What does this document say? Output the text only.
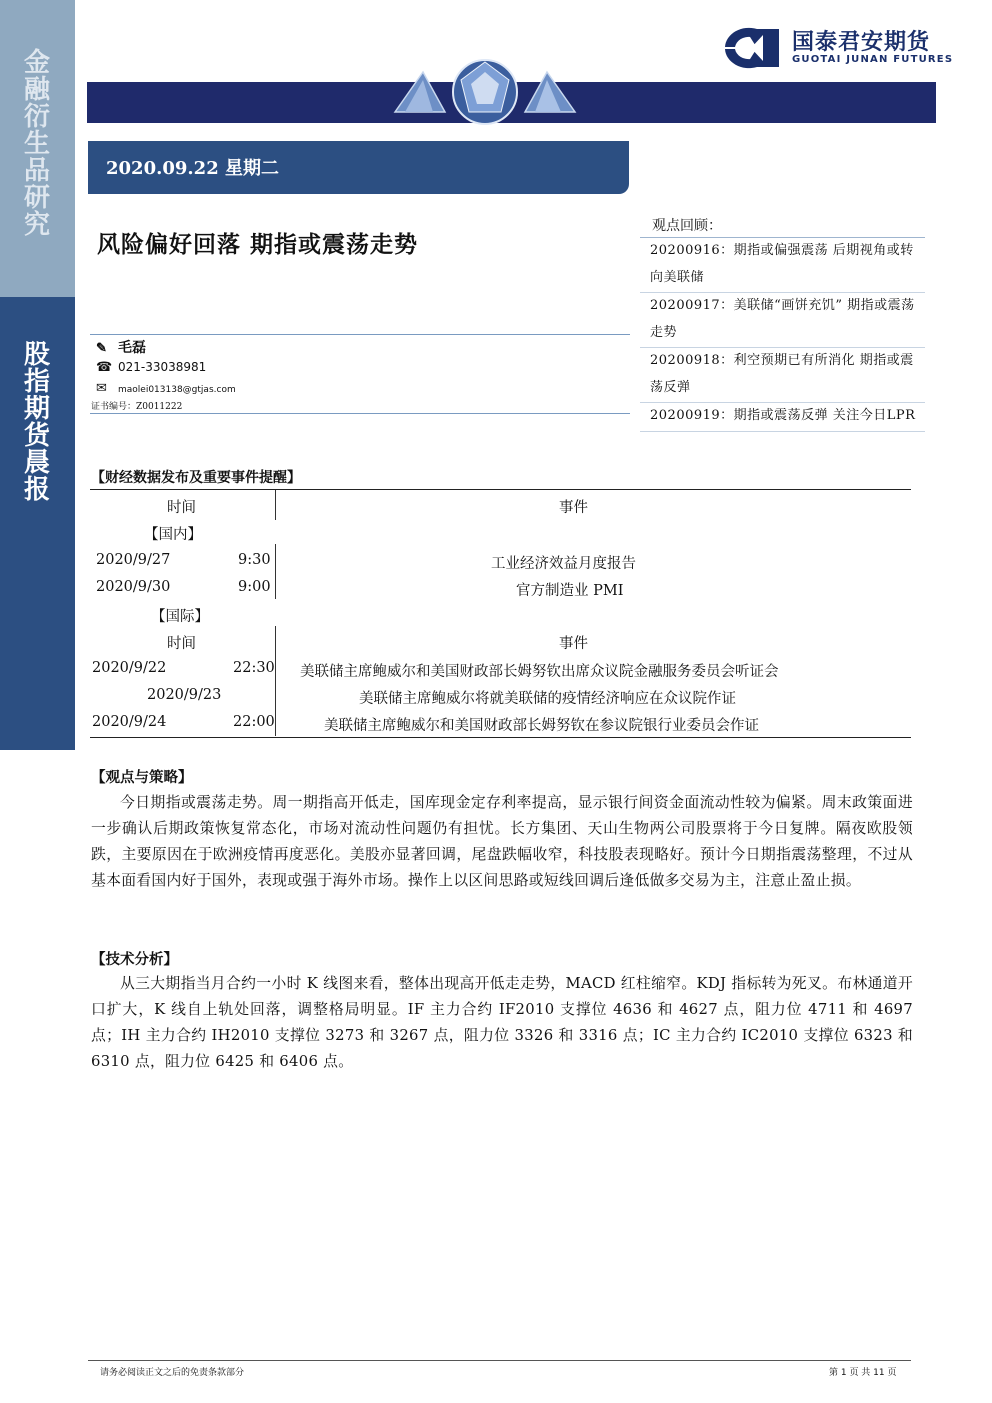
金融衍生品研究
股指期货晨报
国泰君安期货
GUOTAI JUNAN FUTURES
2020.09.22 星期二
风险偏好回落 期指或震荡走势
✎ 毛磊
☎ 021-33038981
✉ maolei013138@gtjas.com
证书编号：Z0011222
观点回顾：
20200916：期指或偏强震荡 后期视角或转向美联储
20200917：美联储“画饼充饥” 期指或震荡走势
20200918：利空预期已有所消化 期指或震荡反弹
20200919：期指或震荡反弹 关注今日LPR
【财经数据发布及重要事件提醒】
时间	事件
【国内】
2020/9/27	9:30	工业经济效益月度报告
2020/9/30	9:00	官方制造业 PMI
【国际】
时间	事件
2020/9/22	22:30 美联储主席鲍威尔和美国财政部长姆努钦出席众议院金融服务委员会听证会
2020/9/23	美联储主席鲍威尔将就美联储的疫情经济响应在众议院作证
2020/9/24	22:00	美联储主席鲍威尔和美国财政部长姆努钦在参议院银行业委员会作证
【观点与策略】
今日期指或震荡走势。周一期指高开低走，国库现金定存利率提高，显示银行间资金面流动性较为偏紧。周末政策面进一步确认后期政策恢复常态化，市场对流动性问题仍有担忧。长方集团、天山生物两公司股票将于今日复牌。隔夜欧股领跌，主要原因在于欧洲疫情再度恶化。美股亦显著回调，尾盘跌幅收窄，科技股表现略好。预计今日期指震荡整理，不过从基本面看国内好于国外，表现或强于海外市场。操作上以区间思路或短线回调后逢低做多交易为主，注意止盈止损。
【技术分析】
从三大期指当月合约一小时 K 线图来看，整体出现高开低走走势，MACD 红柱缩窄。KDJ 指标转为死叉。布林通道开口扩大，K 线自上轨处回落，调整格局明显。IF 主力合约 IF2010 支撑位 4636 和 4627 点，阻力位 4711 和 4697 点；IH 主力合约 IH2010 支撑位 3273 和 3267 点，阻力位 3326 和 3316 点；IC 主力合约 IC2010 支撑位 6323 和 6310 点，阻力位 6425 和 6406 点。
请务必阅读正文之后的免责条款部分	第 1 页 共 11 页
